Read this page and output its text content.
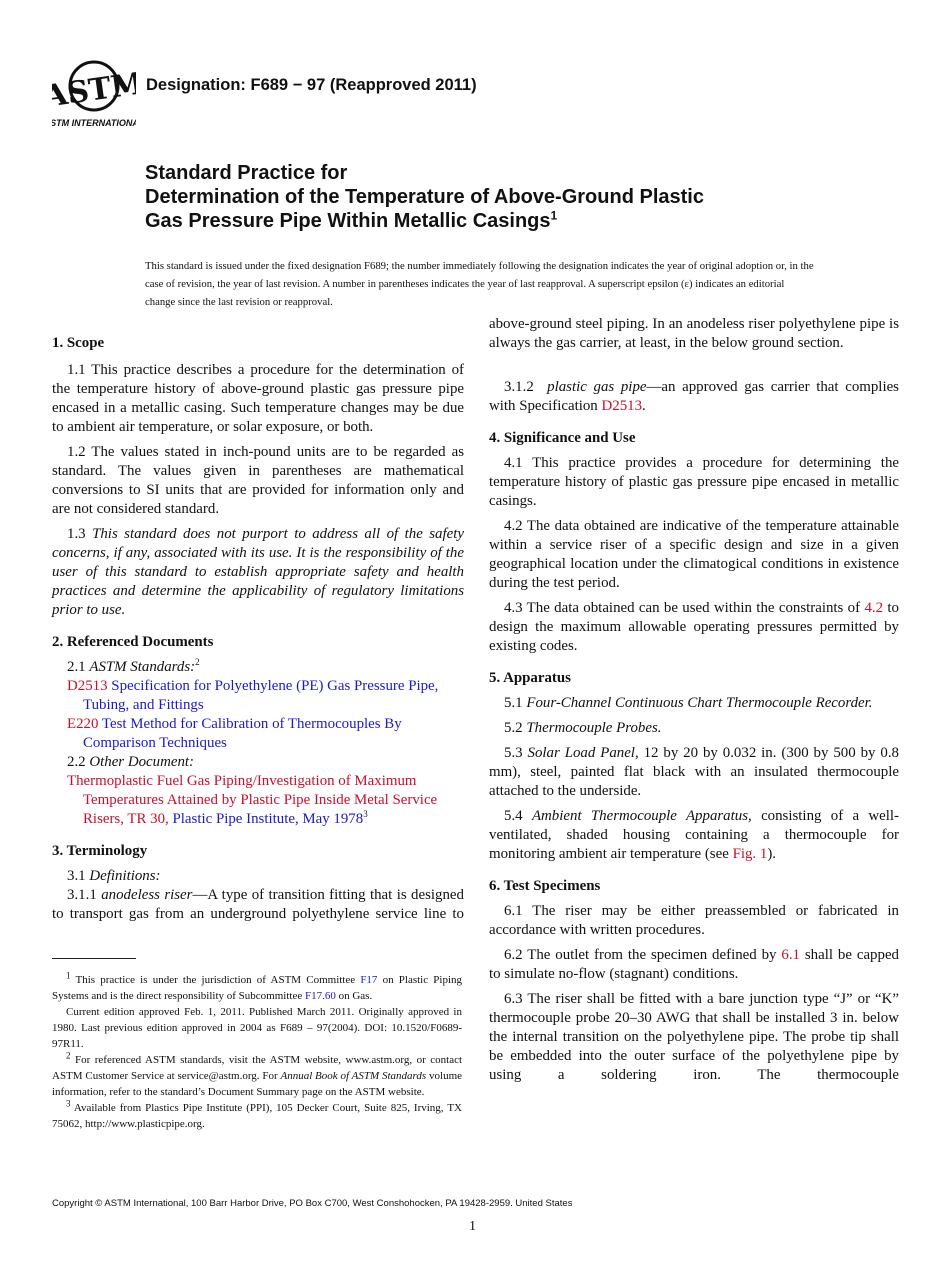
ASTM
TM INTERNATION
Designation: F689 − 97 (Reapproved 2011)
Standard Practice for
Determination of the Temperature of Above-Ground Plastic
Gas Pressure Pipe Within Metallic Casings$^1$
This standard is issued under the fixed designation F689; the number immediately following the designation indicates the year of original adoption or, in the case of revision, the year of last revision. A number in parentheses indicates the year of last reapproval. A superscript epsilon (ε) indicates an editorial change since the last revision or reapproval.

1. Scope

1.1 This practice describes a procedure for the determination of the temperature history of above-ground plastic gas pressure pipe encased in a metallic casing. Such temperature changes may be due to ambient air temperature, or solar exposure, or both.

1.2 The values stated in inch-pound units are to be regarded as standard. The values given in parentheses are mathematical conversions to SI units that are provided for information only and are not considered standard.

1.3 This standard does not purport to address all of the safety concerns, if any, associated with its use. It is the responsibility of the user of this standard to establish appropriate safety and health practices and determine the applicability of regulatory limitations prior to use.

2. Referenced Documents

2.1 ASTM Standards:$^2$

D2513 Specification for Polyethylene (PE) Gas Pressure Pipe, Tubing, and Fittings

E220 Test Method for Calibration of Thermocouples By Comparison Techniques

2.2 Other Document:

Thermoplastic Fuel Gas Piping/Investigation of Maximum Temperatures Attained by Plastic Pipe Inside Metal Service Risers, TR 30, Plastic Pipe Institute, May 1978$^3$

3. Terminology

3.1 Definitions:

3.1.1 anodeless riser—A type of transition fitting that is designed to transport gas from an underground polyethylene service line to

$^1$ This practice is under the jurisdiction of ASTM Committee F17 on Plastic Piping Systems and is the direct responsibility of Subcommittee F17.60 on Gas.

Current edition approved Feb. 1, 2011. Published March 2011. Originally approved in 1980. Last previous edition approved in 2004 as F689 – 97(2004). DOI: 10.1520/F0689-97R11.

$^2$ For referenced ASTM standards, visit the ASTM website, www.astm.org, or contact ASTM Customer Service at service@astm.org. For Annual Book of ASTM Standards volume information, refer to the standard’s Document Summary page on the ASTM website.

$^3$ Available from Plastics Pipe Institute (PPI), 105 Decker Court, Suite 825, Irving, TX 75062, http://www.plasticpipe.org.

above-ground steel piping. In an anodeless riser polyethylene pipe is always the gas carrier, at least, in the below ground section.

3.1.2 plastic gas pipe—an approved gas carrier that complies with Specification D2513.

4. Significance and Use

4.1 This practice provides a procedure for determining the temperature history of plastic gas pressure pipe encased in metallic casings.

4.2 The data obtained are indicative of the temperature attainable within a service riser of a specific design and size in a given geographical location under the climatogical conditions in existence during the test period.

4.3 The data obtained can be used within the constraints of 4.2 to design the maximum allowable operating pressures permitted by existing codes.

5. Apparatus

5.1 Four-Channel Continuous Chart Thermocouple Recorder.

5.2 Thermocouple Probes.

5.3 Solar Load Panel, 12 by 20 by 0.032 in. (300 by 500 by 0.8 mm), steel, painted flat black with an insulated thermocouple attached to the underside.

5.4 Ambient Thermocouple Apparatus, consisting of a well-ventilated, shaded housing containing a thermocouple for monitoring ambient air temperature (see Fig. 1).

6. Test Specimens

6.1 The riser may be either preassembled or fabricated in accordance with written procedures.

6.2 The outlet from the specimen defined by 6.1 shall be capped to simulate no-flow (stagnant) conditions.

6.3 The riser shall be fitted with a bare junction type “J” or “K” thermocouple probe 20–30 AWG that shall be installed 3 in. below the internal transition on the polyethylene pipe. The probe tip shall be embedded into the outer surface of the polyethylene pipe by using a soldering iron. The thermocouple

Copyright © ASTM International, 100 Barr Harbor Drive, PO Box C700, West Conshohocken, PA 19428-2959. United States
1
